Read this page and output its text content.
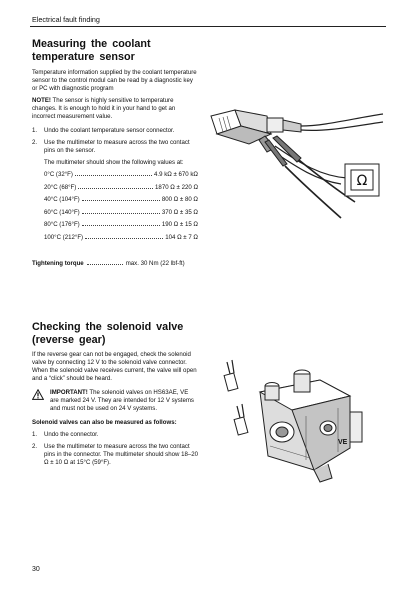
Electrical fault finding
Measuring the coolant
temperature sensor

Temperature information supplied by the coolant temperature sensor to the control modul can be read by a diagnostic key or PC with diagnostic program

NOTE! The sensor is highly sensitive to temperature changes. It is enough to hold it in your hand to get an incorrect measurement value.

1. Undo the coolant temperature sensor connector.
2. Use the multimeter to measure across the two contact pins on the sensor.
The multimeter should show the following values at:
0°C (32°F)	4.9 kΩ ± 670 kΩ
20°C (68°F)	1870 Ω ± 220 Ω
40°C (104°F)	800 Ω ± 80 Ω
60°C (140°F)	370 Ω ± 35 Ω
80°C (176°F)	190 Ω ± 15 Ω
100°C (212°F)	104 Ω ± 7 Ω
Tightening torque	max. 30 Nm (22 lbf-ft)
Ω
Checking the solenoid valve
(reverse gear)

If the reverse gear can not be engaged, check the solenoid valve by connecting 12 V to the solenoid valve connector. When the solenoid valve receives current, the valve will open and a “click” should be heard.

IMPORTANT! The solenoid valves on HS63AE, VE are marked 24 V. They are intended for 12 V systems and must not be used on 24 V systems.

Solenoid valves can also be measured as follows:

1. Undo the connector.
2. Use the multimeter to measure across the two contact pins in the connector. The multimeter should show 18–20 Ω ± 10 Ω at 15°C (59°F).
VE
30
